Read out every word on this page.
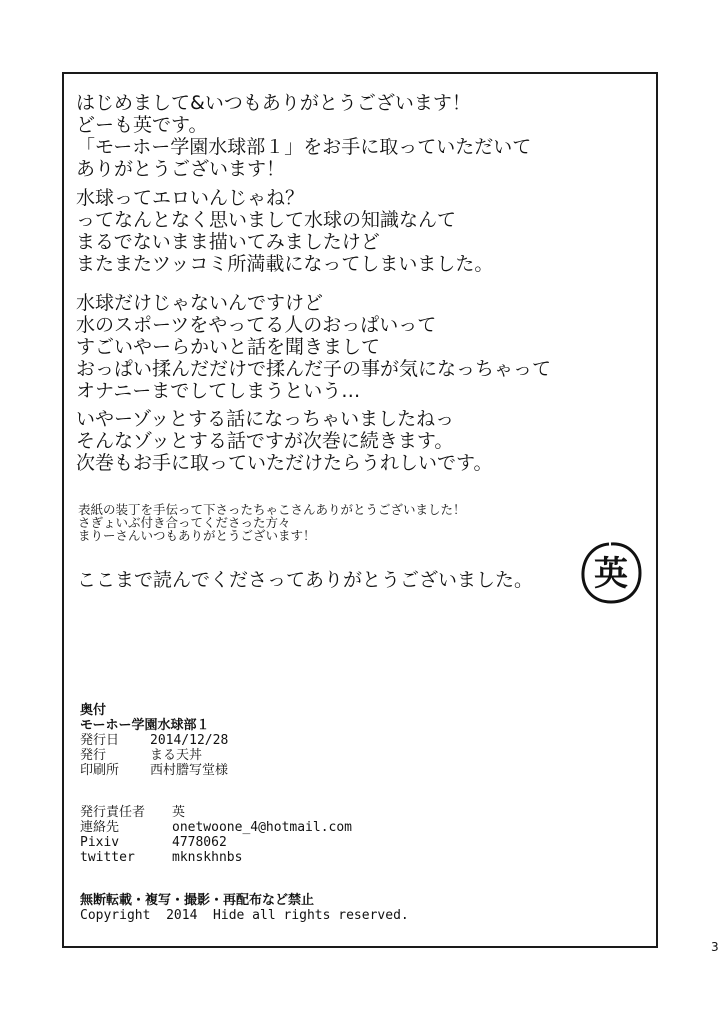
はじめまして&いつもありがとうございます！
どーも英です。
「モーホー学園水球部１」をお手に取っていただいて
ありがとうございます！
水球ってエロいんじゃね？
ってなんとなく思いまして水球の知識なんて
まるでないまま描いてみましたけど
またまたツッコミ所満載になってしまいました。
水球だけじゃないんですけど
水のスポーツをやってる人のおっぱいって
すごいやーらかいと話を聞きまして
おっぱい揉んだだけで揉んだ子の事が気になっちゃって
オナニーまでしてしまうという…
いやーゾッとする話になっちゃいましたねっ
そんなゾッとする話ですが次巻に続きます。
次巻もお手に取っていただけたらうれしいです。
表紙の装丁を手伝って下さったちゃこさんありがとうございました！
さぎょいぶ付き合ってくださった方々
まりーさんいつもありがとうございます！
ここまで読んでくださってありがとうございました。 英
奥付
モーホー学園水球部１
発行日 2014/12/28
発行	まる天丼
印刷所 西村謄写堂様
発行責任者 英
連絡先	onetwoone_4@hotmail.com
Pixiv	4778062
twitter	mknskhnbs
無断転載・複写・撮影・再配布など禁止
Copyright  2014  Hide all rights reserved.
3
